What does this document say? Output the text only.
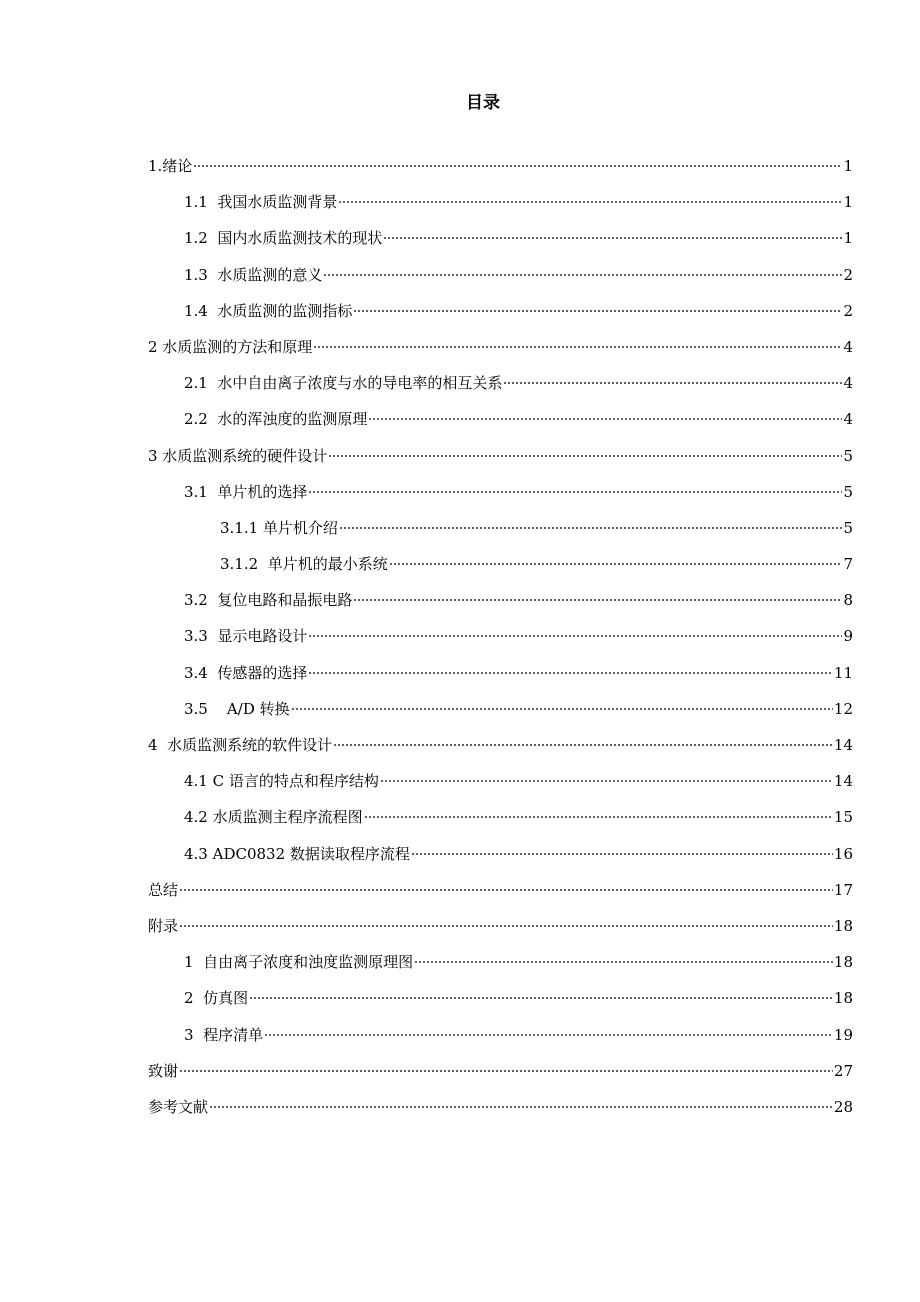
目录
1.绪论	1
1.1  我国水质监测背景	1
1.2  国内水质监测技术的现状	1
1.3  水质监测的意义	2
1.4  水质监测的监测指标	2
2 水质监测的方法和原理	4
2.1  水中自由离子浓度与水的导电率的相互关系	4
2.2  水的浑浊度的监测原理	4
3 水质监测系统的硬件设计	5
3.1  单片机的选择	5
3.1.1 单片机介绍	5
3.1.2  单片机的最小系统	7
3.2  复位电路和晶振电路	8
3.3  显示电路设计	9
3.4  传感器的选择	11
3.5    A/D 转换	12
4  水质监测系统的软件设计	14
4.1 C 语言的特点和程序结构	14
4.2 水质监测主程序流程图	15
4.3 ADC0832 数据读取程序流程	16
总结	17
附录	18
1  自由离子浓度和浊度监测原理图	18
2  仿真图	18
3  程序清单	19
致谢	27
参考文献	28
